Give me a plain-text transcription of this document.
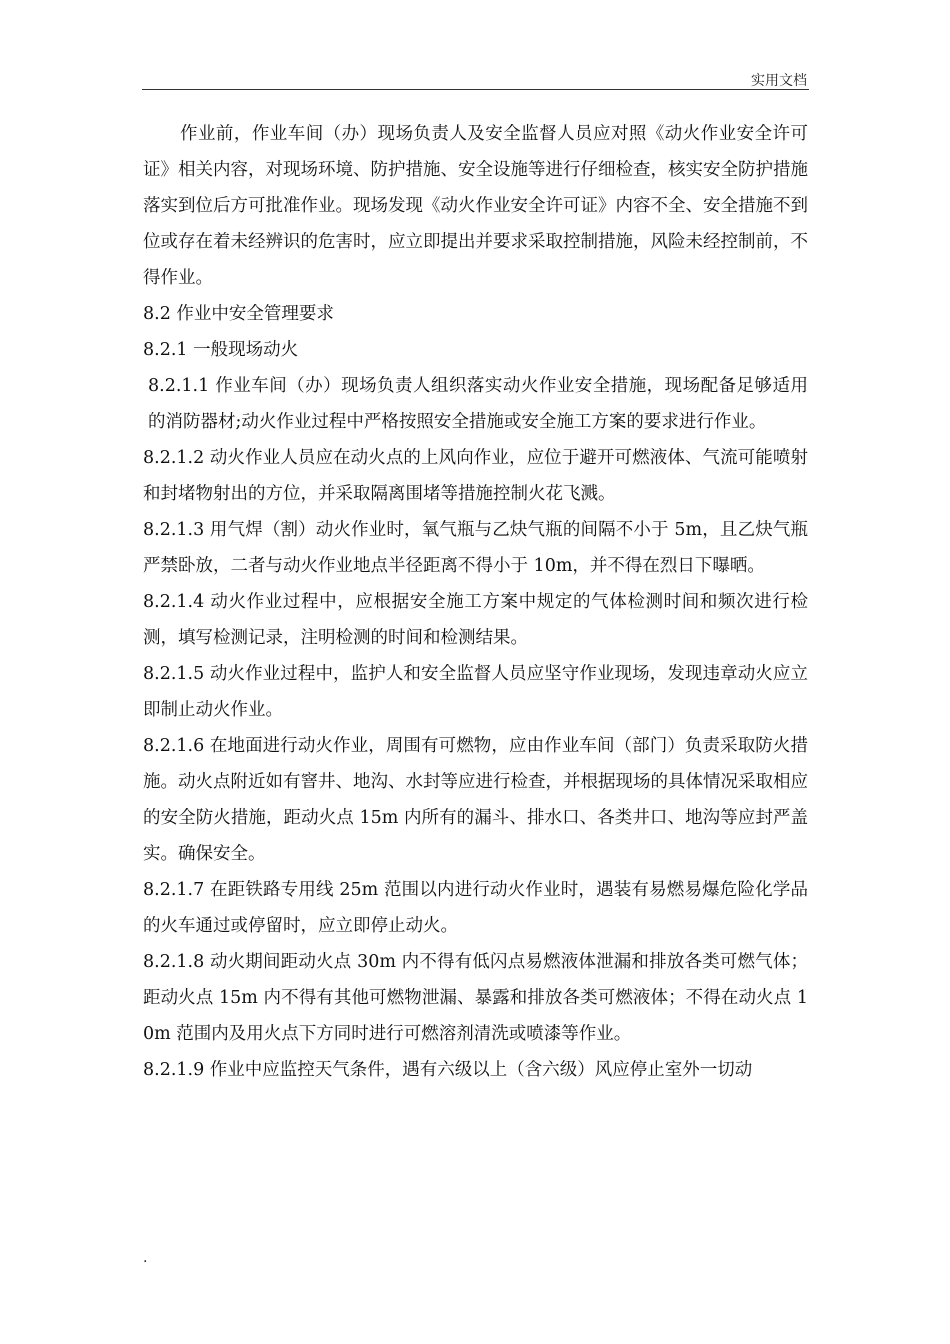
实用文档

作业前，作业车间（办）现场负责人及安全监督人员应对照《动火作业安全许可证》相关内容，对现场环境、防护措施、安全设施等进行仔细检查，核实安全防护措施落实到位后方可批准作业。现场发现《动火作业安全许可证》内容不全、安全措施不到位或存在着未经辨识的危害时，应立即提出并要求采取控制措施，风险未经控制前，不得作业。

8.2 作业中安全管理要求

8.2.1 一般现场动火

8.2.1.1 作业车间（办）现场负责人组织落实动火作业安全措施，现场配备足够适用的消防器材;动火作业过程中严格按照安全措施或安全施工方案的要求进行作业。

8.2.1.2 动火作业人员应在动火点的上风向作业，应位于避开可燃液体、气流可能喷射和封堵物射出的方位，并采取隔离围堵等措施控制火花飞溅。

8.2.1.3 用气焊（割）动火作业时，氧气瓶与乙炔气瓶的间隔不小于 5m，且乙炔气瓶严禁卧放，二者与动火作业地点半径距离不得小于 10m，并不得在烈日下曝晒。

8.2.1.4 动火作业过程中，应根据安全施工方案中规定的气体检测时间和频次进行检测，填写检测记录，注明检测的时间和检测结果。

8.2.1.5 动火作业过程中，监护人和安全监督人员应坚守作业现场，发现违章动火应立即制止动火作业。

8.2.1.6 在地面进行动火作业，周围有可燃物，应由作业车间（部门）负责采取防火措施。动火点附近如有窨井、地沟、水封等应进行检查，并根据现场的具体情况采取相应的安全防火措施，距动火点 15m 内所有的漏斗、排水口、各类井口、地沟等应封严盖实。确保安全。

8.2.1.7 在距铁路专用线 25m 范围以内进行动火作业时，遇装有易燃易爆危险化学品的火车通过或停留时，应立即停止动火。

8.2.1.8 动火期间距动火点 30m 内不得有低闪点易燃液体泄漏和排放各类可燃气体；距动火点 15m 内不得有其他可燃物泄漏、暴露和排放各类可燃液体；不得在动火点 10m 范围内及用火点下方同时进行可燃溶剂清洗或喷漆等作业。

8.2.1.9 作业中应监控天气条件，遇有六级以上（含六级）风应停止室外一切动

.
